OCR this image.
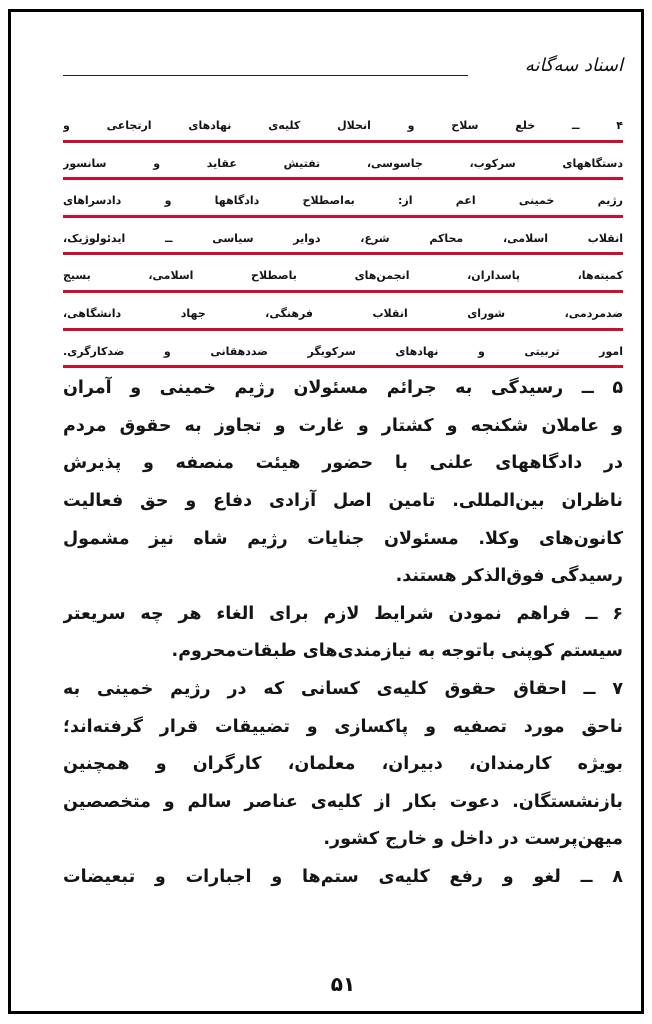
اسناد سه‌گانه
۴ ــ خلع سلاح و انحلال کلیه‌ی نهادهای ارتجاعی و
دستگاههای سرکوب، جاسوسی، تفتیش عقاید و سانسور
رژیم خمینی اعم از: به‌اصطلاح دادگاهها و دادسراهای
انقلاب اسلامی، محاکم شرع، دوایر سیاسی ــ ایدئولوژیک،
کمیته‌ها، پاسداران، انجمن‌های باصطلاح اسلامی، بسیج
ضدمردمی، شورای انقلاب فرهنگی، جهاد دانشگاهی،
امور تربیتی و نهادهای سرکوبگر ضددهقانی و ضدکارگری.
۵ ــ رسیدگی به جرائم مسئولان رژیم خمینی و آمران
و عاملان شکنجه و کشتار و غارت و تجاوز به حقوق مردم
در دادگاههای علنی با حضور هیئت منصفه و پذیرش
ناظران بین‌المللی. تامین اصل آزادی دفاع و حق فعالیت
کانون‌های وکلا. مسئولان جنایات رژیم شاه نیز مشمول
رسیدگی فوق‌الذکر هستند.
۶ ــ فراهم نمودن شرایط لازم برای الغاء هر چه سریعتر
سیستم کوپنی باتوجه به نیازمندی‌های طبقات‌محروم.
۷ ــ احقاق حقوق کلیه‌ی کسانی که در رژیم خمینی به
ناحق مورد تصفیه و پاکسازی و تضییقات قرار گرفته‌اند؛
بویژه کارمندان، دبیران، معلمان، کارگران و همچنین
بازنشستگان. دعوت بکار از کلیه‌ی عناصر سالم و متخصصین
میهن‌پرست در داخل و خارج کشور.
۸ ــ لغو و رفع کلیه‌ی ستم‌ها و اجبارات و تبعیضات
۵۱
